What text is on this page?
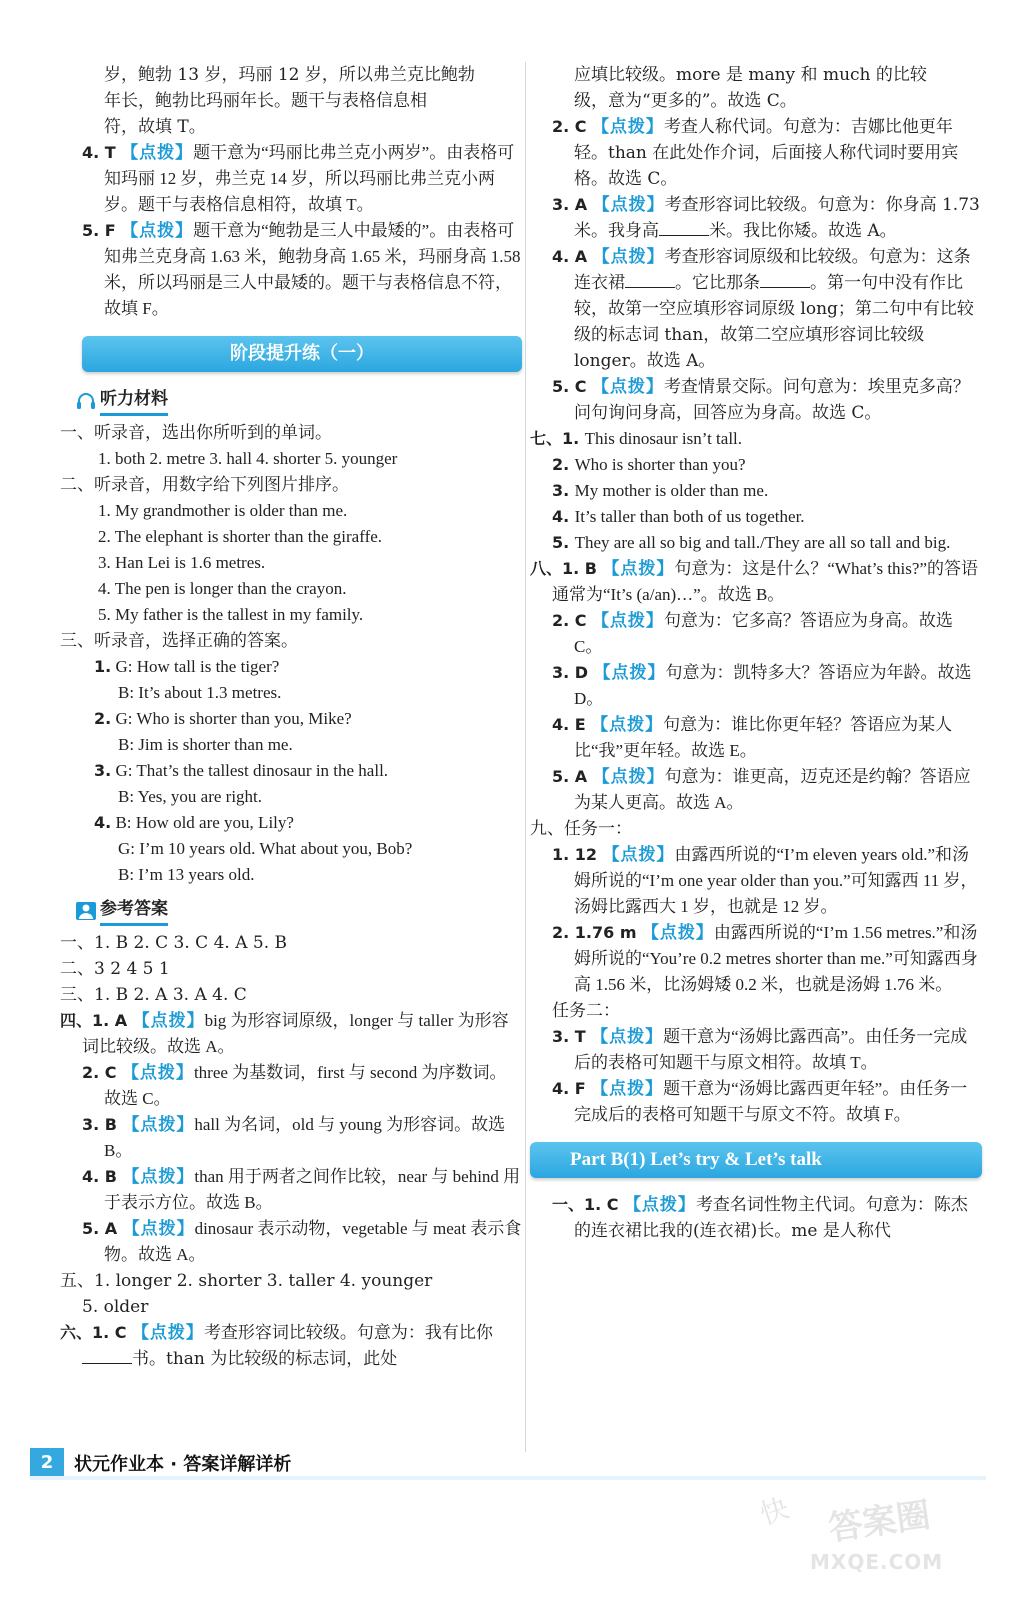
岁，鲍勃 13 岁，玛丽 12 岁，所以弗兰克比鲍勃

年长，鲍勃比玛丽年长。题干与表格信息相

符，故填 T。

4. T 【点拨】题干意为“玛丽比弗兰克小两岁”。由表格可知玛丽 12 岁，弗兰克 14 岁，所以玛丽比弗兰克小两岁。题干与表格信息相符，故填 T。

5. F 【点拨】题干意为“鲍勃是三人中最矮的”。由表格可知弗兰克身高 1.63 米，鲍勃身高 1.65 米，玛丽身高 1.58 米，所以玛丽是三人中最矮的。题干与表格信息不符，故填 F。

阶段提升练（一）
听力材料

一、听录音，选出你所听到的单词。

1. both 2. metre 3. hall 4. shorter 5. younger

二、听录音，用数字给下列图片排序。

1. My grandmother is older than me.

2. The elephant is shorter than the giraffe.

3. Han Lei is 1.6 metres.

4. The pen is longer than the crayon.

5. My father is the tallest in my family.

三、听录音，选择正确的答案。

1. G: How tall is the tiger?

B: It’s about 1.3 metres.

2. G: Who is shorter than you, Mike?

B: Jim is shorter than me.

3. G: That’s the tallest dinosaur in the hall.

B: Yes, you are right.

4. B: How old are you, Lily?

G: I’m 10 years old. What about you, Bob?

B: I’m 13 years old.

参考答案

一、1. B 2. C 3. C 4. A 5. B

二、3 2 4 5 1

三、1. B 2. A 3. A 4. C

四、1. A 【点拨】big 为形容词原级，longer 与 taller 为形容词比较级。故选 A。

2. C 【点拨】three 为基数词，first 与 second 为序数词。故选 C。

3. B 【点拨】hall 为名词，old 与 young 为形容词。故选 B。

4. B 【点拨】than 用于两者之间作比较，near 与 behind 用于表示方位。故选 B。

5. A 【点拨】dinosaur 表示动物，vegetable 与 meat 表示食物。故选 A。

五、1. longer 2. shorter 3. taller 4. younger

5. older

六、1. C 【点拨】考查形容词比较级。句意为：我有比你书。than 为比较级的标志词，此处

应填比较级。more 是 many 和 much 的比较

级，意为“更多的”。故选 C。

2. C 【点拨】考查人称代词。句意为：吉娜比他更年轻。than 在此处作介词，后面接人称代词时要用宾格。故选 C。

3. A 【点拨】考查形容词比较级。句意为：你身高 1.73 米。我身高	米。我比你矮。故选 A。

4. A 【点拨】考查形容词原级和比较级。句意为：这条连衣裙	。它比那条	。第一句中没有作比较，故第一空应填形容词原级 long；第二句中有比较级的标志词 than，故第二空应填形容词比较级 longer。故选 A。

5. C 【点拨】考查情景交际。问句意为：埃里克多高？问句询问身高，回答应为身高。故选 C。

七、1. This dinosaur isn’t tall.

2. Who is shorter than you?

3. My mother is older than me.

4. It’s taller than both of us together.

5. They are all so big and tall./They are all so tall and big.

八、1. B 【点拨】句意为：这是什么？“What’s this?”的答语通常为“It’s (a/an)…”。故选 B。

2. C 【点拨】句意为：它多高？答语应为身高。故选 C。

3. D 【点拨】句意为：凯特多大？答语应为年龄。故选 D。

4. E 【点拨】句意为：谁比你更年轻？答语应为某人比“我”更年轻。故选 E。

5. A 【点拨】句意为：谁更高，迈克还是约翰？答语应为某人更高。故选 A。

九、任务一：

1. 12 【点拨】由露西所说的“I’m eleven years old.”和汤姆所说的“I’m one year older than you.”可知露西 11 岁，汤姆比露西大 1 岁，也就是 12 岁。

2. 1.76 m 【点拨】由露西所说的“I’m 1.56 metres.”和汤姆所说的“You’re 0.2 metres shorter than me.”可知露西身高 1.56 米，比汤姆矮 0.2 米，也就是汤姆 1.76 米。

任务二：

3. T 【点拨】题干意为“汤姆比露西高”。由任务一完成后的表格可知题干与原文相符。故填 T。

4. F 【点拨】题干意为“汤姆比露西更年轻”。由任务一完成后的表格可知题干与原文不符。故填 F。

Part B(1) Let’s try & Let’s talk

一、1. C 【点拨】考查名词性物主代词。句意为：陈杰的连衣裙比我的(连衣裙)长。me 是人称代

2	状元作业本 · 答案详解详析
快 答案圈
MXQE.COM
